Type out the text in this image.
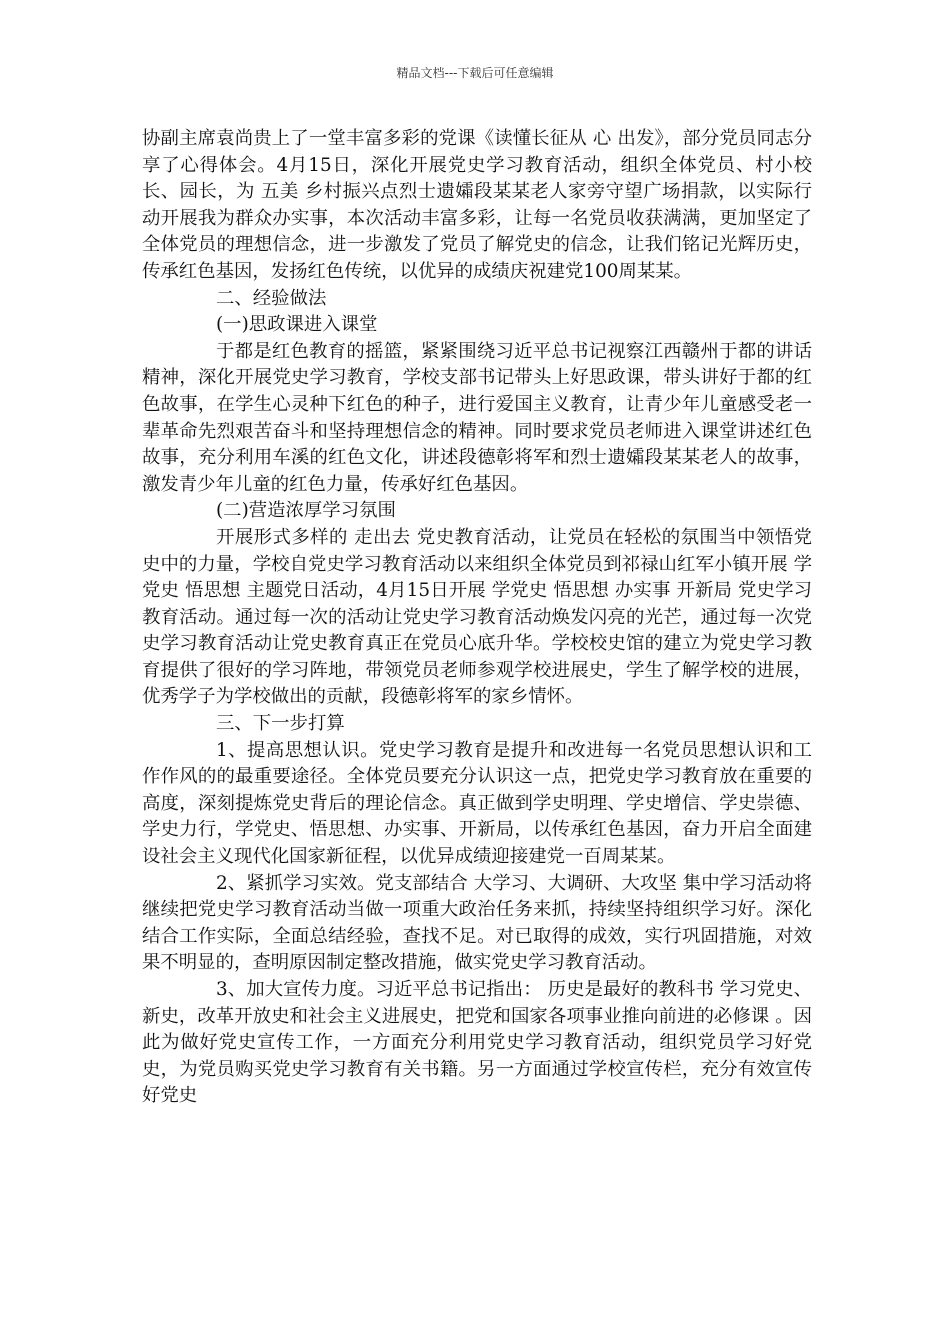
精品文档---下载后可任意编辑

协副主席袁尚贵上了一堂丰富多彩的党课《读懂长征从 心 出发》，部分党员同志分享了心得体会。4月15日，深化开展党史学习教育活动，组织全体党员、村小校长、园长，为 五美 乡村振兴点烈士遗孀段某某老人家旁守望广场捐款，以实际行动开展我为群众办实事，本次活动丰富多彩，让每一名党员收获满满，更加坚定了全体党员的理想信念，进一步激发了党员了解党史的信念，让我们铭记光辉历史，传承红色基因，发扬红色传统，以优异的成绩庆祝建党100周某某。

二、经验做法

(一)思政课进入课堂

于都是红色教育的摇篮，紧紧围绕习近平总书记视察江西赣州于都的讲话精神，深化开展党史学习教育，学校支部书记带头上好思政课，带头讲好于都的红色故事，在学生心灵种下红色的种子，进行爱国主义教育，让青少年儿童感受老一辈革命先烈艰苦奋斗和坚持理想信念的精神。同时要求党员老师进入课堂讲述红色故事，充分利用车溪的红色文化，讲述段德彰将军和烈士遗孀段某某老人的故事，激发青少年儿童的红色力量，传承好红色基因。

(二)营造浓厚学习氛围

开展形式多样的 走出去 党史教育活动，让党员在轻松的氛围当中领悟党史中的力量，学校自党史学习教育活动以来组织全体党员到祁禄山红军小镇开展 学党史 悟思想 主题党日活动，4月15日开展 学党史 悟思想 办实事 开新局 党史学习教育活动。通过每一次的活动让党史学习教育活动焕发闪亮的光芒，通过每一次党史学习教育活动让党史教育真正在党员心底升华。学校校史馆的建立为党史学习教育提供了很好的学习阵地，带领党员老师参观学校进展史，学生了解学校的进展，优秀学子为学校做出的贡献，段德彰将军的家乡情怀。

三、下一步打算

1、提高思想认识。党史学习教育是提升和改进每一名党员思想认识和工作作风的的最重要途径。全体党员要充分认识这一点，把党史学习教育放在重要的高度，深刻提炼党史背后的理论信念。真正做到学史明理、学史增信、学史崇德、学史力行，学党史、悟思想、办实事、开新局，以传承红色基因，奋力开启全面建设社会主义现代化国家新征程，以优异成绩迎接建党一百周某某。

2、紧抓学习实效。党支部结合 大学习、大调研、大攻坚 集中学习活动将继续把党史学习教育活动当做一项重大政治任务来抓，持续坚持组织学习好。深化结合工作实际，全面总结经验，查找不足。对已取得的成效，实行巩固措施，对效果不明显的，查明原因制定整改措施，做实党史学习教育活动。

3、加大宣传力度。习近平总书记指出： 历史是最好的教科书 学习党史、新史，改革开放史和社会主义进展史，把党和国家各项事业推向前进的必修课 。因此为做好党史宣传工作，一方面充分利用党史学习教育活动，组织党员学习好党史，为党员购买党史学习教育有关书籍。另一方面通过学校宣传栏，充分有效宣传好党史
